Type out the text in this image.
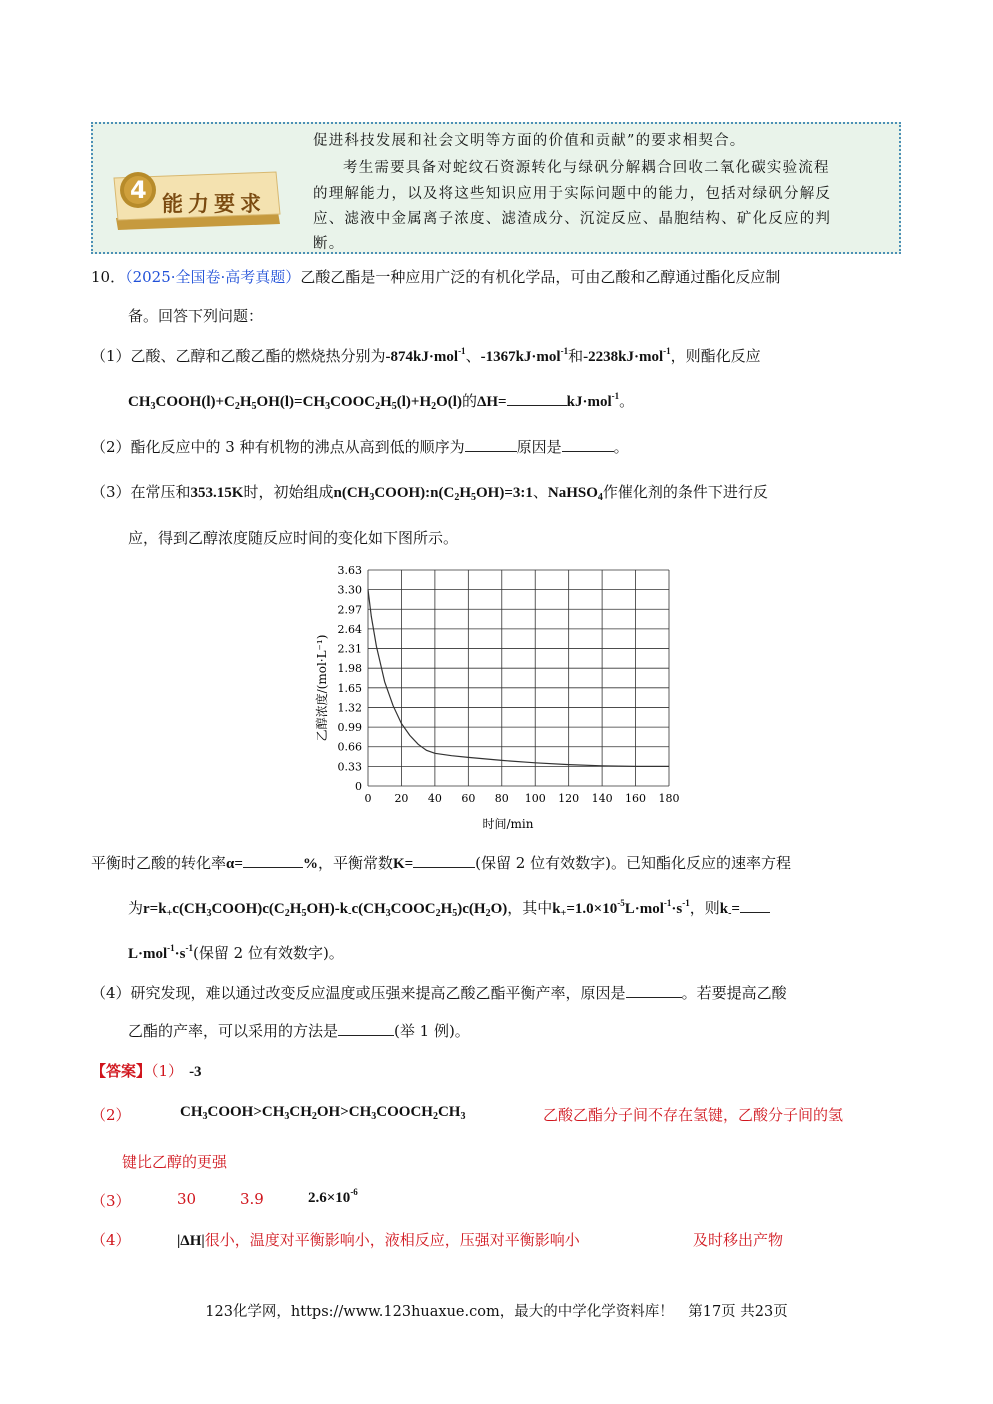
促进科技发展和社会文明等方面的价值和贡献”的要求相契合。
考生需要具备对蛇纹石资源转化与绿矾分解耦合回收二氧化碳实验流程
的理解能力，以及将这些知识应用于实际问题中的能力，包括对绿矾分解反
应、滤液中金属离子浓度、滤渣成分、沉淀反应、晶胞结构、矿化反应的判
断。
4 能力要求
10．（2025·全国卷·高考真题）乙酸乙酯是一种应用广泛的有机化学品，可由乙酸和乙醇通过酯化反应制
备。回答下列问题：
（1）乙酸、乙醇和乙酸乙酯的燃烧热分别为-874kJ·mol$^{-1}$、-1367kJ·mol$^{-1}$和-2238kJ·mol$^{-1}$，则酯化反应
$CH_3COOH(l)+C_2H_5OH(l)=CH_3COOC_2H_5(l)+H_2O(l)$的ΔH=	kJ·mol$^{-1}$。
（2）酯化反应中的 3 种有机物的沸点从高到低的顺序为	原因是	。
（3）在常压和353.15K时，初始组成$n(CH_3COOH):n(C_2H_5OH)=3:1$、NaHSO$_4$作催化剂的条件下进行反
应，得到乙醇浓度随反应时间的变化如下图所示。
0 20 40 60 80 100 120 140 160 180
0
0.33
0.66
0.99
1.32
1.65
1.98
2.31
2.64
2.97
3.30
3.63
时间/min
乙醇浓度/(mol·L⁻¹)
平衡时乙酸的转化率α=	%，平衡常数K=	(保留 2 位有效数字)。已知酯化反应的速率方程
为$r=k_+c(CH_3COOH)c(C_2H_5OH)-k_-c(CH_3COOC_2H_5)c(H_2O)$，其中$k_+=1.0\times 10^{-5}L\cdot mol^{-1}\cdot s^{-1}$，则$k_-=$
$L\cdot mol^{-1}\cdot s^{-1}$(保留 2 位有效数字)。
（4）研究发现，难以通过改变反应温度或压强来提高乙酸乙酯平衡产率，原因是	。若要提高乙酸
乙酯的产率，可以采用的方法是	(举 1 例)。
【答案】（1） -3
（2）	$CH_3COOH>CH_3CH_2OH>CH_3COOCH_2CH_3$	乙酸乙酯分子间不存在氢键，乙酸分子间的氢
键比乙醇的更强
（3）	30	3.9	$2.6\times 10^{-6}$
（4）	|ΔH|很小，温度对平衡影响小，液相反应，压强对平衡影响小	及时移出产物
123化学网，https://www.123huaxue.com，最大的中学化学资料库！　第17页 共23页
